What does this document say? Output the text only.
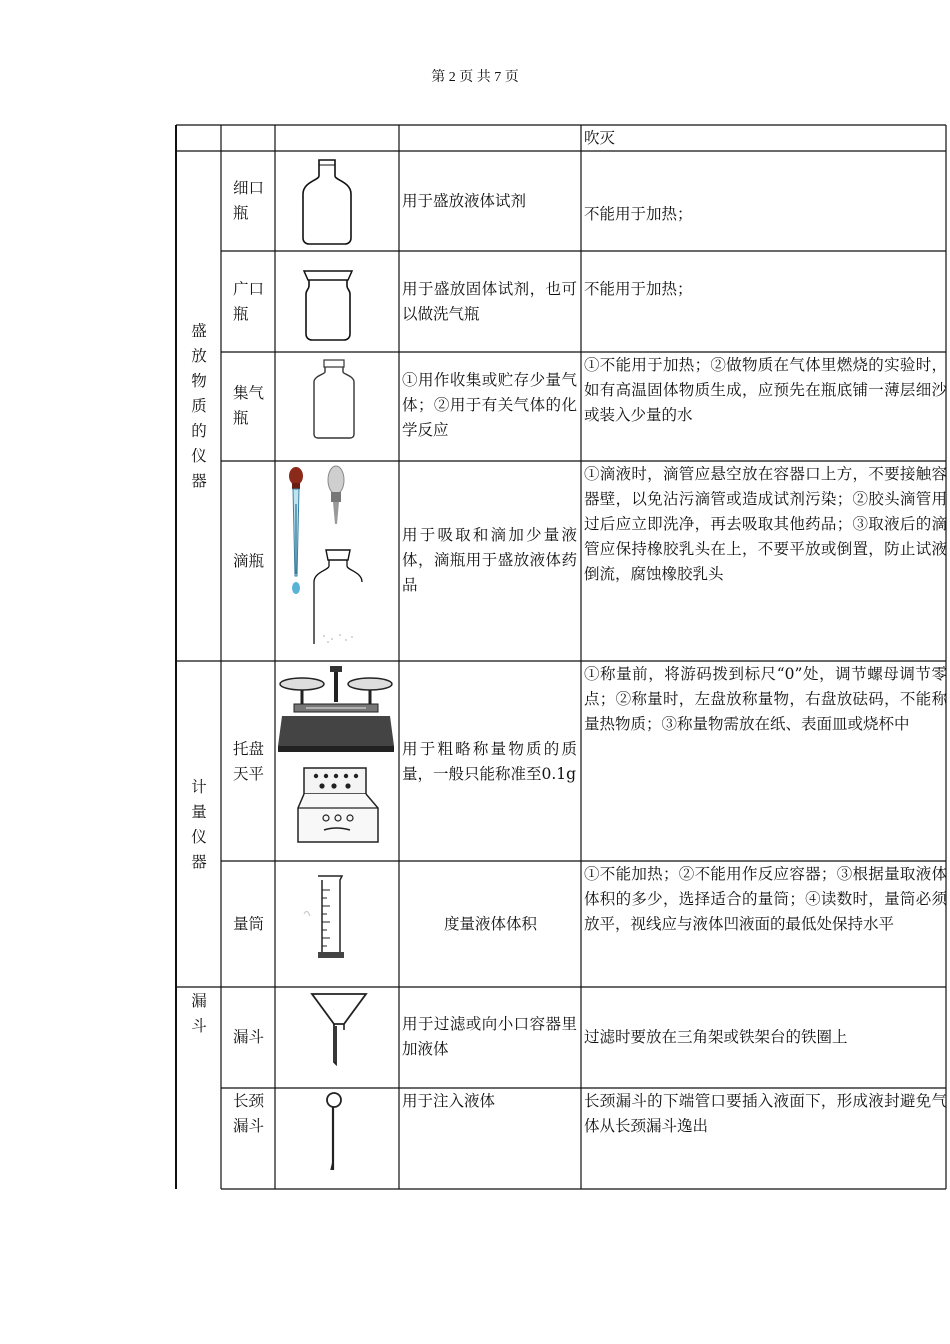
第 2 页 共 7 页
吹灭
盛
放
物
质
的
仪
器
计
量
仪
器
漏
斗
细口
瓶
用于盛放液体试剂
不能用于加热；
广口
瓶
用于盛放固体试剂，也可以做洗气瓶
不能用于加热；
集气
瓶
①用作收集或贮存少量气体；②用于有关气体的化学反应
①不能用于加热；②做物质在气体里燃烧的实验时，如有高温固体物质生成，应预先在瓶底铺一薄层细沙或装入少量的水
滴瓶
用于吸取和滴加少量液体，滴瓶用于盛放液体药品
①滴液时，滴管应悬空放在容器口上方，不要接触容器壁，以免沾污滴管或造成试剂污染；②胶头滴管用过后应立即洗净，再去吸取其他药品；③取液后的滴管应保持橡胶乳头在上，不要平放或倒置，防止试液倒流，腐蚀橡胶乳头
托盘
天平
用于粗略称量物质的质量，一般只能称准至0.1g
①称量前，将游码拨到标尺“0”处，调节螺母调节零点；②称量时，左盘放称量物，右盘放砝码，不能称量热物质；③称量物需放在纸、表面皿或烧杯中
量筒	度量液体体积
①不能加热；②不能用作反应容器；③根据量取液体体积的多少，选择适合的量筒；④读数时，量筒必须放平，视线应与液体凹液面的最低处保持水平
漏斗
用于过滤或向小口容器里加液体
过滤时要放在三角架或铁架台的铁圈上
长颈
漏斗
用于注入液体	长颈漏斗的下端管口要插入液面下，形成液封避免气体从长颈漏斗逸出
